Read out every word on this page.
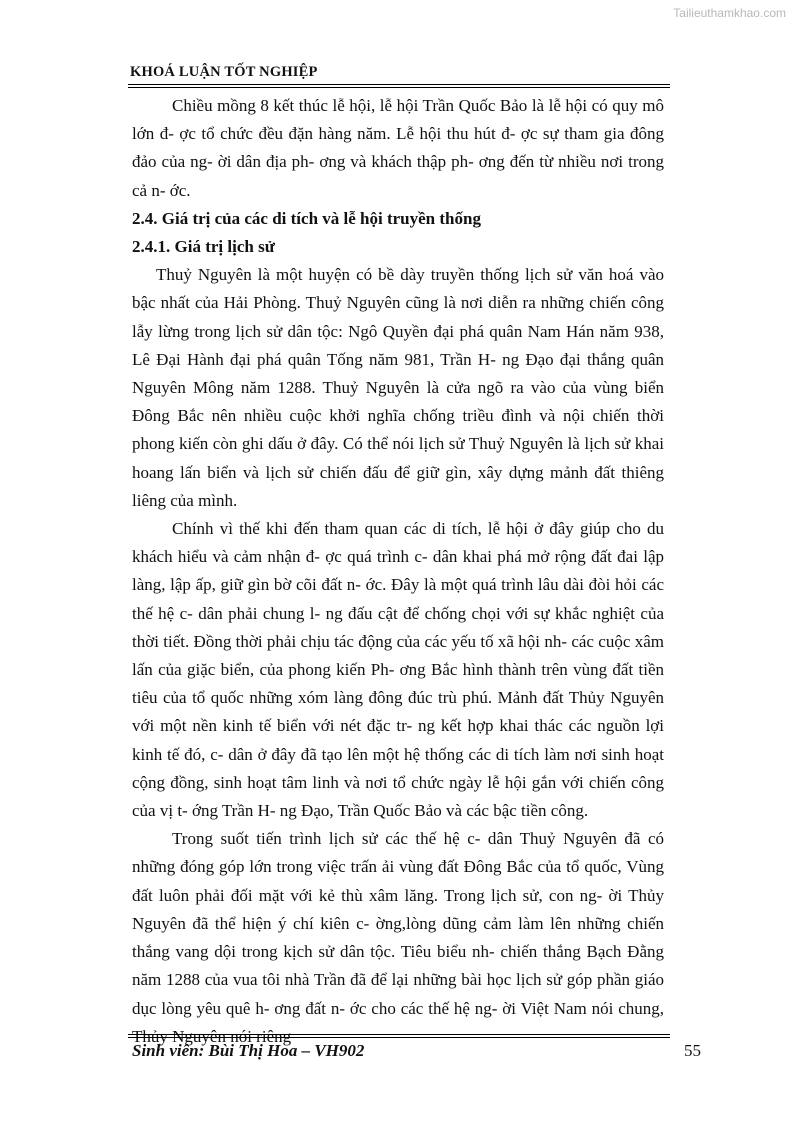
Tailieuthamkhao.com
KHOÁ LUẬN TỐT NGHIỆP

Chiều mồng 8 kết thúc lễ hội, lễ hội Trần Quốc Bảo là lễ hội có quy mô lớn đ- ợc tổ chức đều đặn hàng năm. Lễ hội thu hút đ- ợc sự tham gia đông đảo của ng- ời dân địa ph- ơng và khách thập ph- ơng đến từ nhiều nơi trong cả n- ớc.

2.4. Giá trị của các di tích và lễ hội truyền thống

2.4.1. Giá trị lịch sử

Thuỷ Nguyên là một huyện có bề dày truyền thống lịch sử văn hoá vào bậc nhất của Hải Phòng. Thuỷ Nguyên cũng là nơi diễn ra những chiến công lẫy lừng trong lịch sử dân tộc: Ngô Quyền đại phá quân Nam Hán năm 938, Lê Đại Hành đại phá quân Tống năm 981, Trần H- ng Đạo đại thắng quân Nguyên Mông năm 1288. Thuỷ Nguyên là cửa ngõ ra vào của vùng biển Đông Bắc nên nhiều cuộc khởi nghĩa chống triều đình và nội chiến thời phong kiến còn ghi dấu ở đây. Có thể nói lịch sử Thuỷ Nguyên là lịch sử khai hoang lấn biển và lịch sử chiến đấu để giữ gìn, xây dựng mảnh đất thiêng liêng của mình.

Chính vì thế khi đến tham quan các di tích, lễ hội ở đây giúp cho du khách hiểu và cảm nhận đ- ợc quá trình c- dân khai phá mở rộng đất đai lập làng, lập ấp, giữ gìn bờ cõi đất n- ớc. Đây là một quá trình lâu dài đòi hỏi các thế hệ c- dân phải chung l- ng đấu cật để chống chọi với sự khắc nghiệt của thời tiết. Đồng thời phải chịu tác động của các yếu tố xã hội nh- các cuộc xâm lấn của giặc biển, của phong kiến Ph- ơng Bắc hình thành trên vùng đất tiền tiêu của tổ quốc những xóm làng đông đúc trù phú. Mảnh đất Thủy Nguyên với một nền kinh tế biển với nét đặc tr- ng kết hợp khai thác các nguồn lợi kinh tế đó, c- dân ở đây đã tạo lên một hệ thống các di tích làm nơi sinh hoạt cộng đồng, sinh hoạt tâm linh và nơi tổ chức ngày lễ hội gắn với chiến công của vị t- ớng Trần H- ng Đạo, Trần Quốc Bảo và các bậc tiền công.

Trong suốt tiến trình lịch sử các thế hệ c- dân Thuỷ Nguyên đã có những đóng góp lớn trong việc trấn ải vùng đất Đông Bắc của tổ quốc, Vùng đất luôn phải đối mặt với kẻ thù xâm lăng. Trong lịch sử, con ng- ời Thủy Nguyên đã thể hiện ý chí kiên c- ờng,lòng dũng cảm làm lên những chiến thắng vang dội trong kịch sử dân tộc. Tiêu biểu nh- chiến thắng Bạch Đằng năm 1288 của vua tôi nhà Trần đã để lại những bài học lịch sử góp phần giáo dục lòng yêu quê h- ơng đất n- ớc cho các thế hệ ng- ời Việt Nam nói chung, Thủy Nguyên nói riêng

Sinh viên: Bùi Thị Hoa – VH902	55
